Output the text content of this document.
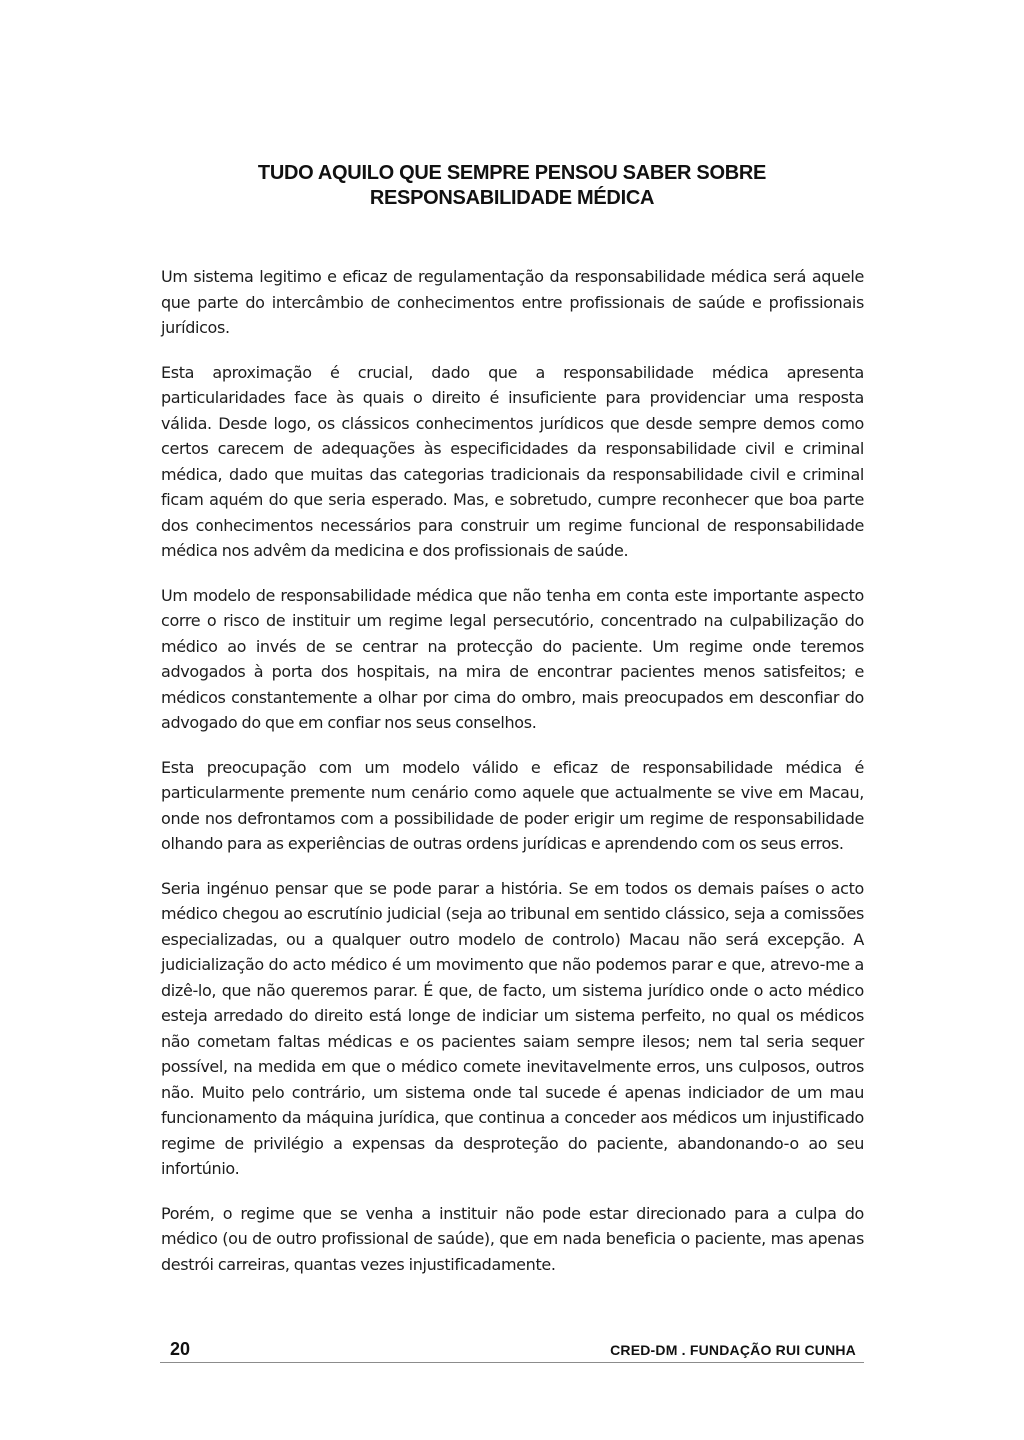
TUDO AQUILO QUE SEMPRE PENSOU SABER SOBRE
RESPONSABILIDADE MÉDICA

Um sistema legitimo e eficaz de regulamentação da responsabilidade médica será aquele que parte do intercâmbio de conhecimentos entre profissionais de saúde e profissionais jurídicos.

Esta aproximação é crucial, dado que a responsabilidade médica apresenta particularidades face às quais o direito é insuficiente para providenciar uma resposta válida. Desde logo, os clássicos conhecimentos jurídicos que desde sempre demos como certos carecem de adequações às especificidades da responsabilidade civil e criminal médica, dado que muitas das categorias tradicionais da responsabilidade civil e criminal ficam aquém do que seria esperado. Mas, e sobretudo, cumpre reconhecer que boa parte dos conhecimentos necessários para construir um regime funcional de responsabilidade médica nos advêm da medicina e dos profissionais de saúde.

Um modelo de responsabilidade médica que não tenha em conta este importante aspecto corre o risco de instituir um regime legal persecutório, concentrado na culpabilização do médico ao invés de se centrar na protecção do paciente. Um regime onde teremos advogados à porta dos hospitais, na mira de encontrar pacientes menos satisfeitos; e médicos constantemente a olhar por cima do ombro, mais preocupados em desconfiar do advogado do que em confiar nos seus conselhos.

Esta preocupação com um modelo válido e eficaz de responsabilidade médica é particularmente premente num cenário como aquele que actualmente se vive em Macau, onde nos defrontamos com a possibilidade de poder erigir um regime de responsabilidade olhando para as experiências de outras ordens jurídicas e aprendendo com os seus erros.

Seria ingénuo pensar que se pode parar a história. Se em todos os demais países o acto médico chegou ao escrutínio judicial (seja ao tribunal em sentido clássico, seja a comissões especializadas, ou a qualquer outro modelo de controlo) Macau não será excepção. A judicialização do acto médico é um movimento que não podemos parar e que, atrevo-me a dizê-lo, que não queremos parar. É que, de facto, um sistema jurídico onde o acto médico esteja arredado do direito está longe de indiciar um sistema perfeito, no qual os médicos não cometam faltas médicas e os pacientes saiam sempre ilesos; nem tal seria sequer possível, na medida em que o médico comete inevitavelmente erros, uns culposos, outros não. Muito pelo contrário, um sistema onde tal sucede é apenas indiciador de um mau funcionamento da máquina jurídica, que continua a conceder aos médicos um injustificado regime de privilégio a expensas da desproteção do paciente, abandonando-o ao seu infortúnio.

Porém, o regime que se venha a instituir não pode estar direcionado para a culpa do médico (ou de outro profissional de saúde), que em nada beneficia o paciente, mas apenas destrói carreiras, quantas vezes injustificadamente.

20	CRED-DM . FUNDAÇÃO RUI CUNHA
